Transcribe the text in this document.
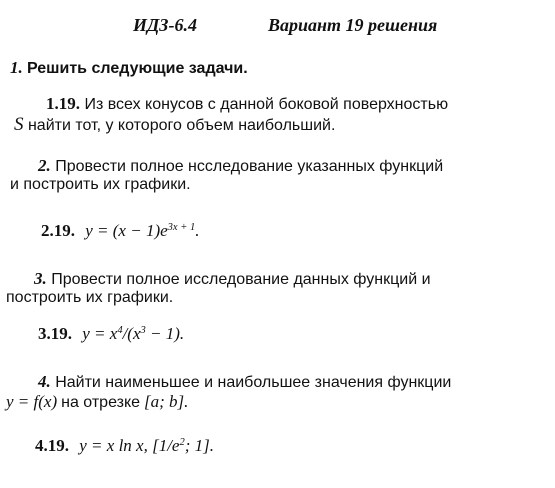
ИДЗ-6.4	Вариант 19 решения
1. Решить следующие задачи.
1.19. Из всех конусов с данной боковой поверхностью
S найти тот, у которого объем наибольший.
2. Провести полное нсследование указанных функций
и построить их графики.
2.19. $y = (x - 1)e^{3x + 1}$.
3. Провести полное исследование данных функций и
построить их графики.
3.19. $y = x^4/(x^3 - 1)$.
4. Найти наименьшее и наибольшее значения функции
y = f(x) на отрезке [a; b].
4.19. y = x ln x, [$1/e^2$; 1].
